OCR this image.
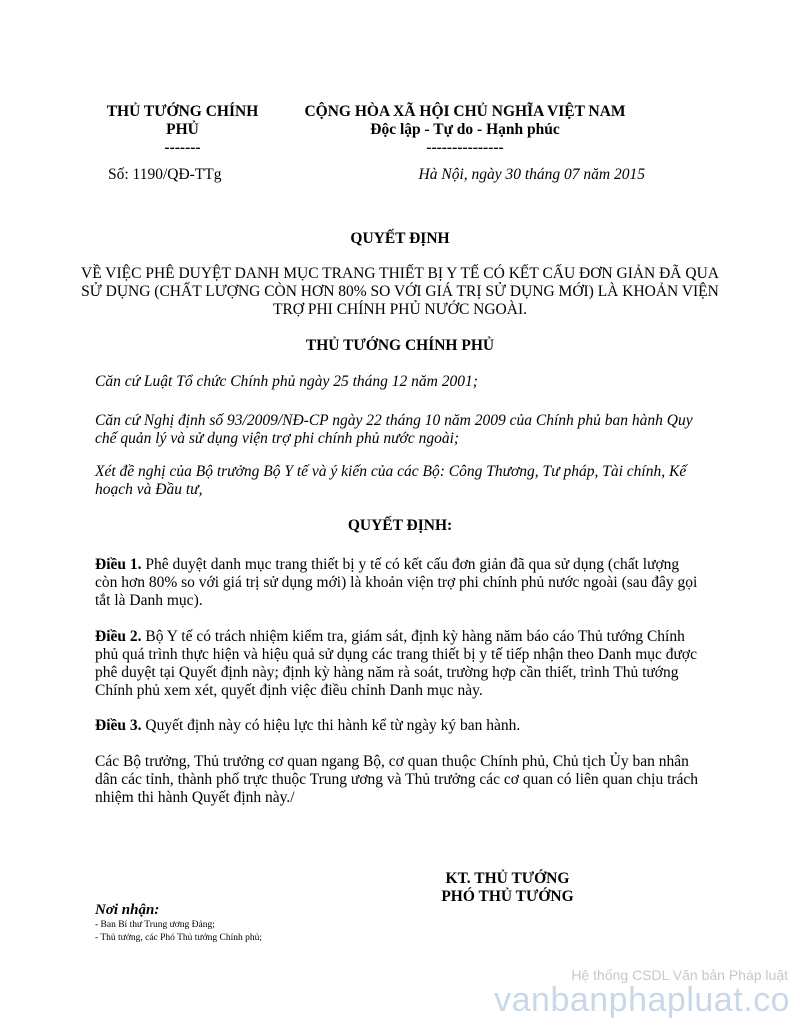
THỦ TƯỚNG CHÍNH
PHỦ
-------
CỘNG HÒA XÃ HỘI CHỦ NGHĨA VIỆT NAM
Độc lập - Tự do - Hạnh phúc
---------------
Số: 1190/QĐ-TTg	Hà Nội, ngày 30 tháng 07 năm 2015
QUYẾT ĐỊNH
VỀ VIỆC PHÊ DUYỆT DANH MỤC TRANG THIẾT BỊ Y TẾ CÓ KẾT CẤU ĐƠN GIẢN ĐÃ QUA SỬ DỤNG (CHẤT LƯỢNG CÒN HƠN 80% SO VỚI GIÁ TRỊ SỬ DỤNG MỚI) LÀ KHOẢN VIỆN TRỢ PHI CHÍNH PHỦ NƯỚC NGOÀI.
THỦ TƯỚNG CHÍNH PHỦ
Căn cứ Luật Tổ chức Chính phủ ngày 25 tháng 12 năm 2001;
Căn cứ Nghị định số 93/2009/NĐ-CP ngày 22 tháng 10 năm 2009 của Chính phủ ban hành Quy chế quản lý và sử dụng viện trợ phi chính phủ nước ngoài;
Xét đề nghị của Bộ trưởng Bộ Y tế và ý kiến của các Bộ: Công Thương, Tư pháp, Tài chính, Kế hoạch và Đầu tư,
QUYẾT ĐỊNH:
Điều 1. Phê duyệt danh mục trang thiết bị y tế có kết cấu đơn giản đã qua sử dụng (chất lượng còn hơn 80% so với giá trị sử dụng mới) là khoản viện trợ phi chính phủ nước ngoài (sau đây gọi tắt là Danh mục).
Điều 2. Bộ Y tế có trách nhiệm kiểm tra, giám sát, định kỳ hàng năm báo cáo Thủ tướng Chính phủ quá trình thực hiện và hiệu quả sử dụng các trang thiết bị y tế tiếp nhận theo Danh mục được phê duyệt tại Quyết định này; định kỳ hàng năm rà soát, trường hợp cần thiết, trình Thủ tướng Chính phủ xem xét, quyết định việc điều chỉnh Danh mục này.
Điều 3. Quyết định này có hiệu lực thi hành kể từ ngày ký ban hành.
Các Bộ trưởng, Thủ trưởng cơ quan ngang Bộ, cơ quan thuộc Chính phủ, Chủ tịch Ủy ban nhân dân các tỉnh, thành phố trực thuộc Trung ương và Thủ trưởng các cơ quan có liên quan chịu trách nhiệm thi hành Quyết định này./
KT. THỦ TƯỚNG
PHÓ THỦ TƯỚNG
Nơi nhận:
- Ban Bí thư Trung ương Đảng;
- Thủ tướng, các Phó Thủ tướng Chính phủ;
Hệ thống CSDL Văn bản Pháp luật
vanbanphapluat.co
